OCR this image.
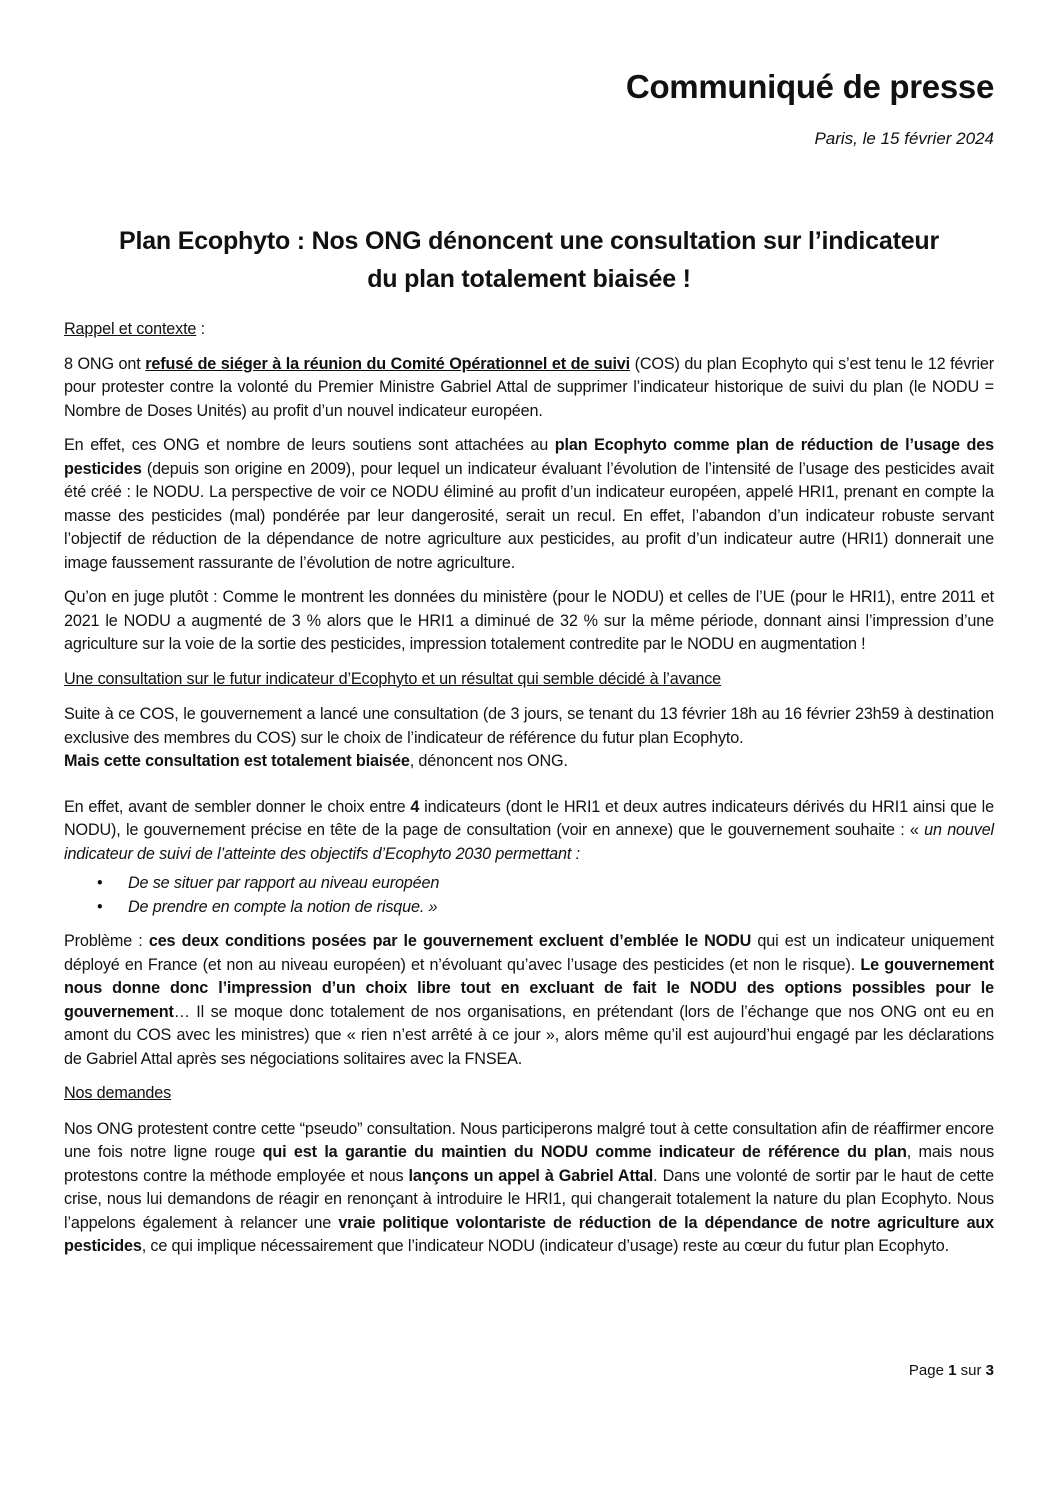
Communiqué de presse

Paris, le 15 février 2024

Plan Ecophyto : Nos ONG dénoncent une consultation sur l’indicateur
du plan totalement biaisée !

Rappel et contexte :

8 ONG ont refusé de siéger à la réunion du Comité Opérationnel et de suivi (COS) du plan Ecophyto qui s’est tenu le 12 février pour protester contre la volonté du Premier Ministre Gabriel Attal de supprimer l’indicateur historique de suivi du plan (le NODU = Nombre de Doses Unités) au profit d’un nouvel indicateur européen.

En effet, ces ONG et nombre de leurs soutiens sont attachées au plan Ecophyto comme plan de réduction de l’usage des pesticides (depuis son origine en 2009), pour lequel un indicateur évaluant l’évolution de l’intensité de l’usage des pesticides avait été créé : le NODU. La perspective de voir ce NODU éliminé au profit d’un indicateur européen, appelé HRI1, prenant en compte la masse des pesticides (mal) pondérée par leur dangerosité, serait un recul. En effet, l’abandon d’un indicateur robuste servant l’objectif de réduction de la dépendance de notre agriculture aux pesticides, au profit d’un indicateur autre (HRI1) donnerait une image faussement rassurante de l’évolution de notre agriculture.

Qu’on en juge plutôt : Comme le montrent les données du ministère (pour le NODU) et celles de l’UE (pour le HRI1), entre 2011 et 2021 le NODU a augmenté de 3 % alors que le HRI1 a diminué de 32 % sur la même période, donnant ainsi l’impression d’une agriculture sur la voie de la sortie des pesticides, impression totalement contredite par le NODU en augmentation !

Une consultation sur le futur indicateur d’Ecophyto et un résultat qui semble décidé à l’avance

Suite à ce COS, le gouvernement a lancé une consultation (de 3 jours, se tenant du 13 février 18h au 16 février 23h59 à destination exclusive des membres du COS) sur le choix de l’indicateur de référence du futur plan Ecophyto.
Mais cette consultation est totalement biaisée, dénoncent nos ONG.

En effet, avant de sembler donner le choix entre 4 indicateurs (dont le HRI1 et deux autres indicateurs dérivés du HRI1 ainsi que le NODU), le gouvernement précise en tête de la page de consultation (voir en annexe) que le gouvernement souhaite : « un nouvel indicateur de suivi de l’atteinte des objectifs d’Ecophyto 2030 permettant :

• De se situer par rapport au niveau européen
• De prendre en compte la notion de risque. »

Problème : ces deux conditions posées par le gouvernement excluent d’emblée le NODU qui est un indicateur uniquement déployé en France (et non au niveau européen) et n’évoluant qu’avec l’usage des pesticides (et non le risque). Le gouvernement nous donne donc l’impression d’un choix libre tout en excluant de fait le NODU des options possibles pour le gouvernement… Il se moque donc totalement de nos organisations, en prétendant (lors de l’échange que nos ONG ont eu en amont du COS avec les ministres) que « rien n’est arrêté à ce jour », alors même qu’il est aujourd’hui engagé par les déclarations de Gabriel Attal après ses négociations solitaires avec la FNSEA.

Nos demandes

Nos ONG protestent contre cette “pseudo” consultation. Nous participerons malgré tout à cette consultation afin de réaffirmer encore une fois notre ligne rouge qui est la garantie du maintien du NODU comme indicateur de référence du plan, mais nous protestons contre la méthode employée et nous lançons un appel à Gabriel Attal. Dans une volonté de sortir par le haut de cette crise, nous lui demandons de réagir en renonçant à introduire le HRI1, qui changerait totalement la nature du plan Ecophyto. Nous l’appelons également à relancer une vraie politique volontariste de réduction de la dépendance de notre agriculture aux pesticides, ce qui implique nécessairement que l’indicateur NODU (indicateur d’usage) reste au cœur du futur plan Ecophyto.

Page 1 sur 3
